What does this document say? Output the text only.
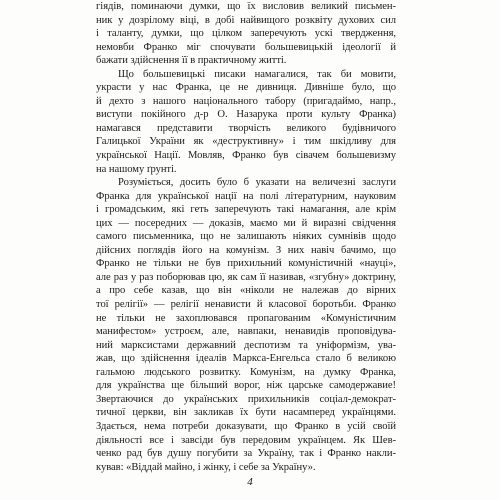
гіядів, поминаючи думки, що їх висловив великий письмен-
ник у дозрілому віці, в добі найвищого розквіту духових сил
і таланту, думки, що цілком заперечують ускі твердження,
немовби Франко міг спочувати большевицькій ідеології й
бажати здійснення її в практичному житті.
Що большевицькі писаки намагалися, так би мовити,
украсти у нас Франка, це не дивниця. Дивніше було, що
й дехто з нашого національного табору (пригадаймо, напр.,
виступи покійного д-р О. Назарука проти культу Франка)
намагався представити творчість великого будівничого
Галицької України як «деструктивну» і тим шкідливу для
української Нації. Мовляв, Франко був сівачем большевизму
на нашому ґрунті.
Розуміється, досить було б указати на величезні заслуги
Франка для української нації на полі літературним, науковим
і громадським, які геть заперечують такі намагання, але крім
цих — посередних — доказів, маємо ми й виразні свідчення
самого письменника, що не залишають ніяких сумнівів щодо
дійсних поглядів його на комунізм. З них навіч бачимо, що
Франко не тільки не був прихильний комуністичній «науці»,
але раз у раз поборював цю, як сам її називав, «згубну» доктрину,
а про себе казав, що він «ніколи не належав до вірних
тої релігії» — релігії ненависти й класової боротьби. Франко
не тільки не захоплювався пропагованим «Комуністичним
манифестом» устроєм, але, навпаки, ненавидів проповідува-
ний марксистами державний деспотизм та уніформізм, ува-
жав, що здійснення ідеалів Маркса-Енгельса стало б великою
гальмою людського розвитку. Комунізм, на думку Франка,
для українства ще більший ворог, ніж царське самодержавие!
Звертаючися до українських прихильників соціал-демократ-
тичної церкви, він закликав їх бути насамперед українцями.
Здається, нема потреби доказувати, що Франко в усій своїй
діяльності все і завсіди був передовим українцем. Як Шев-
ченко рад був душу погубити за Україну, так і Франко накли-
кував: «Віддай майно, і жінку, і себе за Україну».
4
